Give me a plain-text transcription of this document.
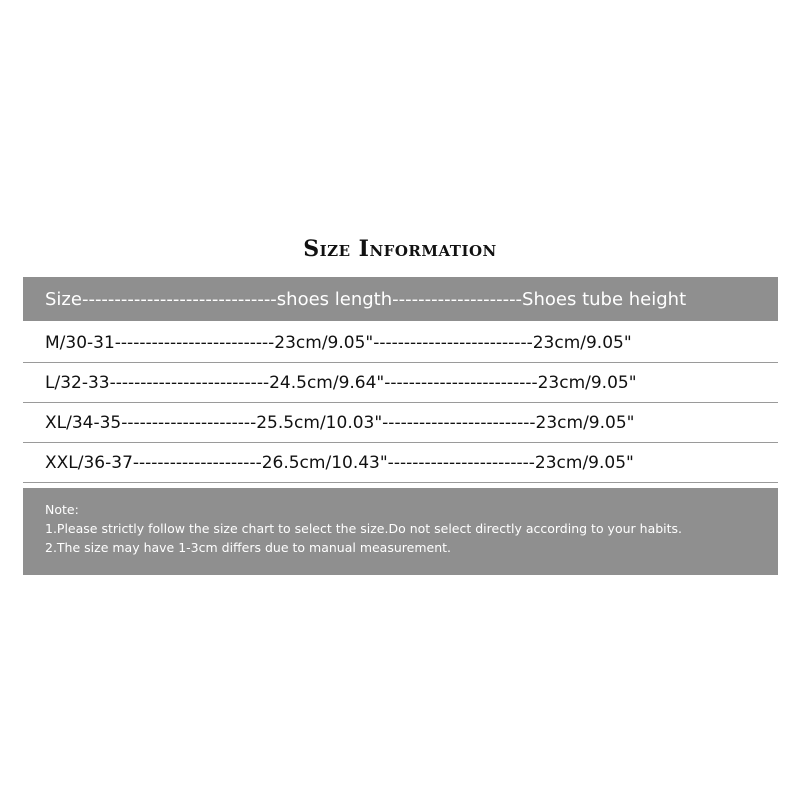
Size Information
Size------------------------------shoes length--------------------Shoes tube height
M/30-31--------------------------23cm/9.05"--------------------------23cm/9.05"
L/32-33--------------------------24.5cm/9.64"-------------------------23cm/9.05"
XL/34-35----------------------25.5cm/10.03"-------------------------23cm/9.05"
XXL/36-37---------------------26.5cm/10.43"------------------------23cm/9.05"
Note:
1.Please strictly follow the size chart to select the size.Do not select directly according to your habits.
2.The size may have 1-3cm differs due to manual measurement.
